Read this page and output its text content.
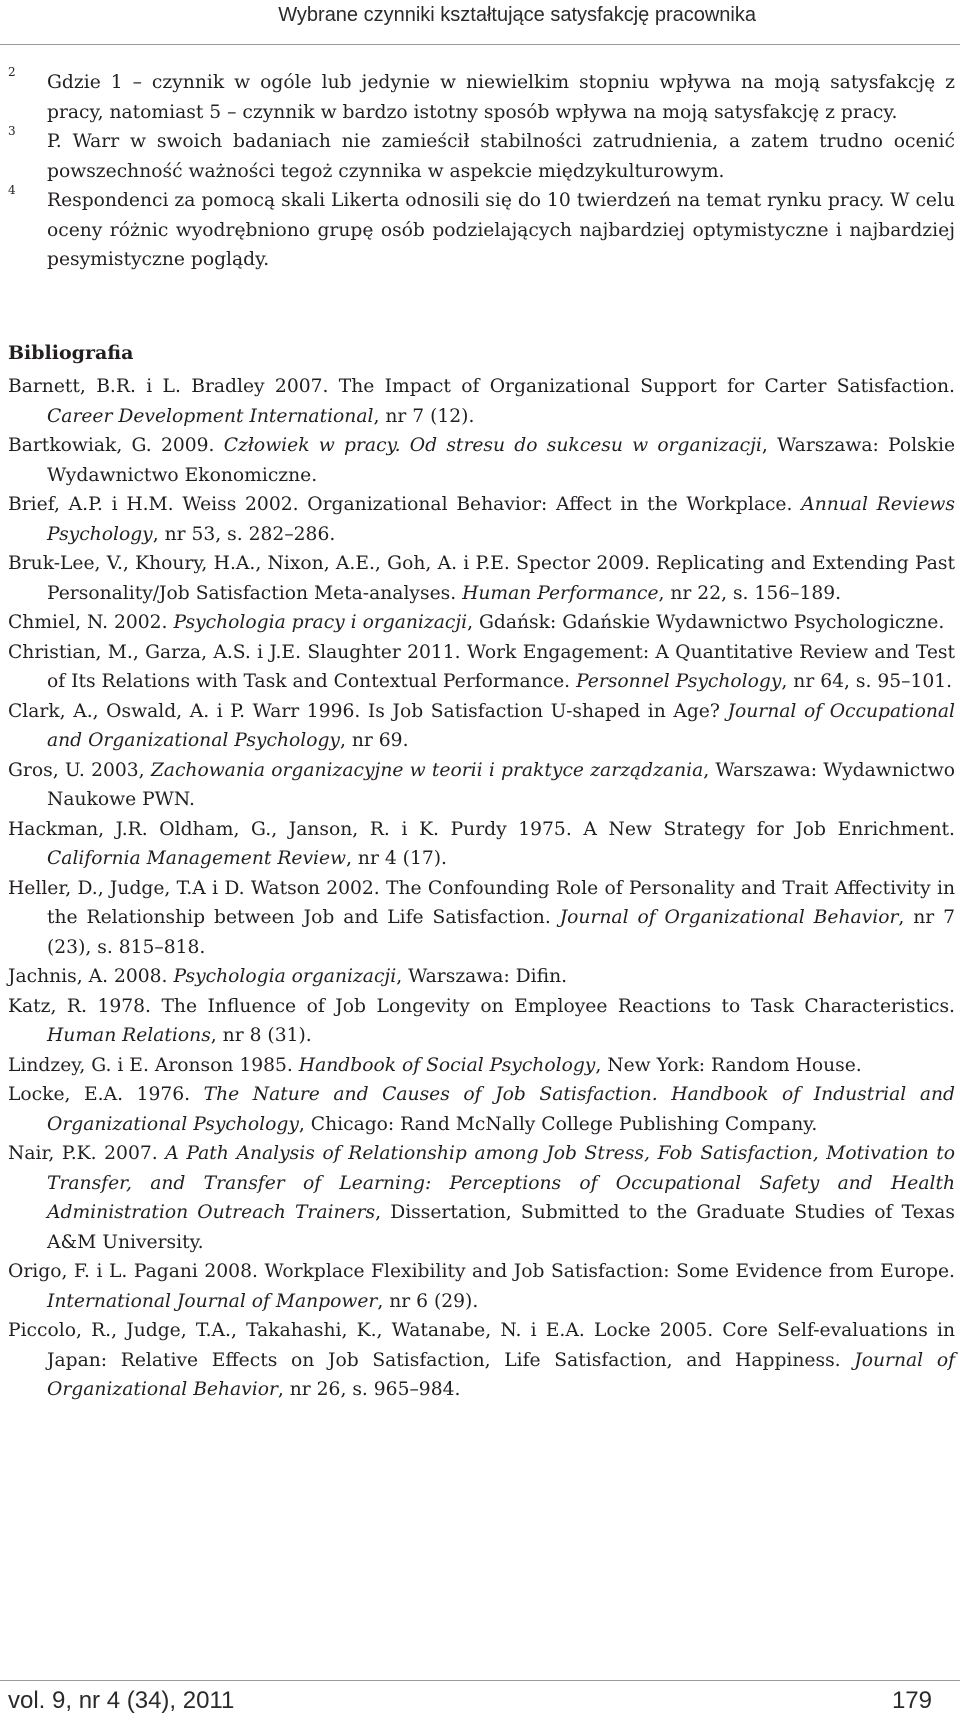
Wybrane czynniki kształtujące satysfakcję pracownika

2 Gdzie 1 – czynnik w ogóle lub jedynie w niewielkim stopniu wpływa na moją satysfakcję z pracy, natomiast 5 – czynnik w bardzo istotny sposób wpływa na moją satysfakcję z pracy.

3 P. Warr w swoich badaniach nie zamieścił stabilności zatrudnienia, a zatem trudno ocenić powszechność ważności tegoż czynnika w aspekcie międzykulturowym.

4 Respondenci za pomocą skali Likerta odnosili się do 10 twierdzeń na temat rynku pracy. W celu oceny różnic wyodrębniono grupę osób podzielających najbardziej optymistyczne i najbardziej pesymistyczne poglądy.

Bibliografia

Barnett, B.R. i L. Bradley 2007. The Impact of Organizational Support for Carter Satisfaction. Career Development International, nr 7 (12).

Bartkowiak, G. 2009. Człowiek w pracy. Od stresu do sukcesu w organizacji, Warszawa: Polskie Wydawnictwo Ekonomiczne.

Brief, A.P. i H.M. Weiss 2002. Organizational Behavior: Affect in the Workplace. Annual Reviews Psychology, nr 53, s. 282–286.

Bruk-Lee, V., Khoury, H.A., Nixon, A.E., Goh, A. i P.E. Spector 2009. Replicating and Extending Past Personality/Job Satisfaction Meta-analyses. Human Performance, nr 22, s. 156–189.

Chmiel, N. 2002. Psychologia pracy i organizacji, Gdańsk: Gdańskie Wydawnictwo Psychologiczne.

Christian, M., Garza, A.S. i J.E. Slaughter 2011. Work Engagement: A Quantitative Review and Test of Its Relations with Task and Contextual Performance. Personnel Psychology, nr 64, s. 95–101.

Clark, A., Oswald, A. i P. Warr 1996. Is Job Satisfaction U-shaped in Age? Journal of Occupational and Organizational Psychology, nr 69.

Gros, U. 2003, Zachowania organizacyjne w teorii i praktyce zarządzania, Warszawa: Wydawnictwo Naukowe PWN.

Hackman, J.R. Oldham, G., Janson, R. i K. Purdy 1975. A New Strategy for Job Enrichment. California Management Review, nr 4 (17).

Heller, D., Judge, T.A i D. Watson 2002. The Confounding Role of Personality and Trait Affectivity in the Relationship between Job and Life Satisfaction. Journal of Organizational Behavior, nr 7 (23), s. 815–818.

Jachnis, A. 2008. Psychologia organizacji, Warszawa: Difin.

Katz, R. 1978. The Influence of Job Longevity on Employee Reactions to Task Characteristics. Human Relations, nr 8 (31).

Lindzey, G. i E. Aronson 1985. Handbook of Social Psychology, New York: Random House.

Locke, E.A. 1976. The Nature and Causes of Job Satisfaction. Handbook of Industrial and Organizational Psychology, Chicago: Rand McNally College Publishing Company.

Nair, P.K. 2007. A Path Analysis of Relationship among Job Stress, Fob Satisfaction, Motivation to Transfer, and Transfer of Learning: Perceptions of Occupational Safety and Health Administration Outreach Trainers, Dissertation, Submitted to the Graduate Studies of Texas A&M University.

Origo, F. i L. Pagani 2008. Workplace Flexibility and Job Satisfaction: Some Evidence from Europe. International Journal of Manpower, nr 6 (29).

Piccolo, R., Judge, T.A., Takahashi, K., Watanabe, N. i E.A. Locke 2005. Core Self-evaluations in Japan: Relative Effects on Job Satisfaction, Life Satisfaction, and Happiness. Journal of Organizational Behavior, nr 26, s. 965–984.

vol. 9, nr 4 (34), 2011	179
